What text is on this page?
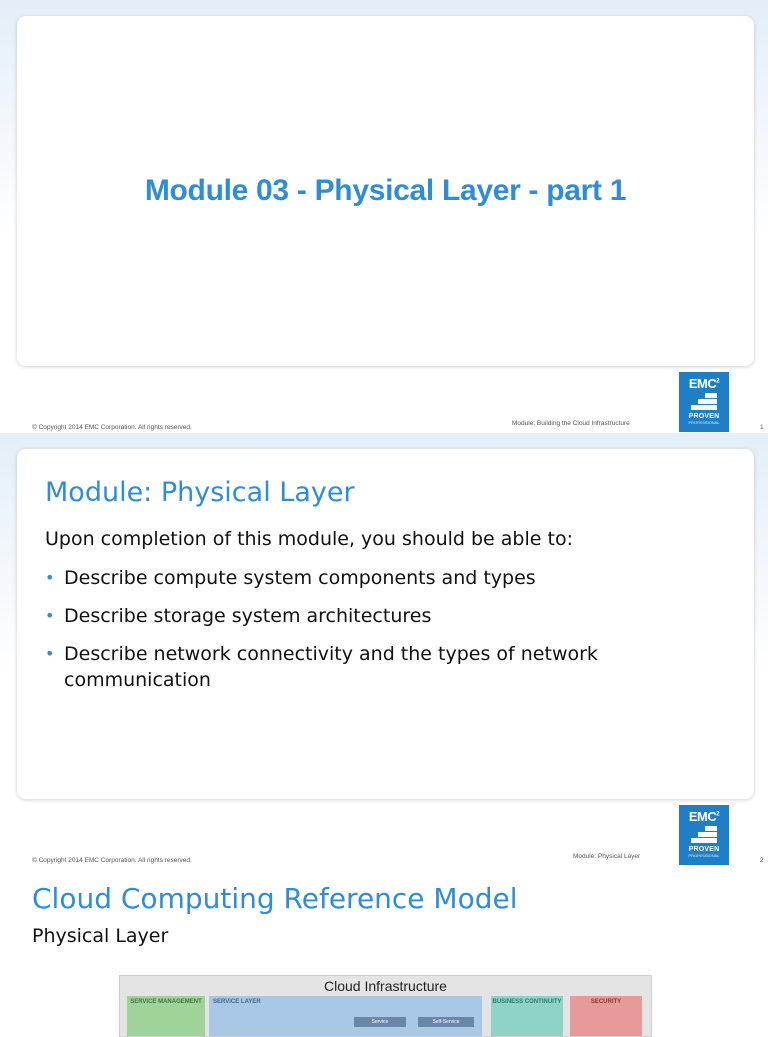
Module 03 - Physical Layer - part 1
© Copyright 2014 EMC Corporation. All rights reserved.
Module: Building the Cloud Infrastructure
1
EMC$^2$
PROVEN
PROFESSIONAL
© Copyright 2014 EMC Corporation. All rights reserved.
Module: Physical Layer
2
EMC$^2$
PROVEN
PROFESSIONAL
Module: Physical Layer
Upon completion of this module, you should be able to:
• Describe compute system components and types
• Describe storage system architectures
• Describe network connectivity and the types of network communication
Cloud Computing Reference Model
Physical Layer
Cloud Infrastructure
SERVICE MANAGEMENT	SERVICE LAYER
Service	Self-Service
BUSINESS CONTINUITY	SECURITY
